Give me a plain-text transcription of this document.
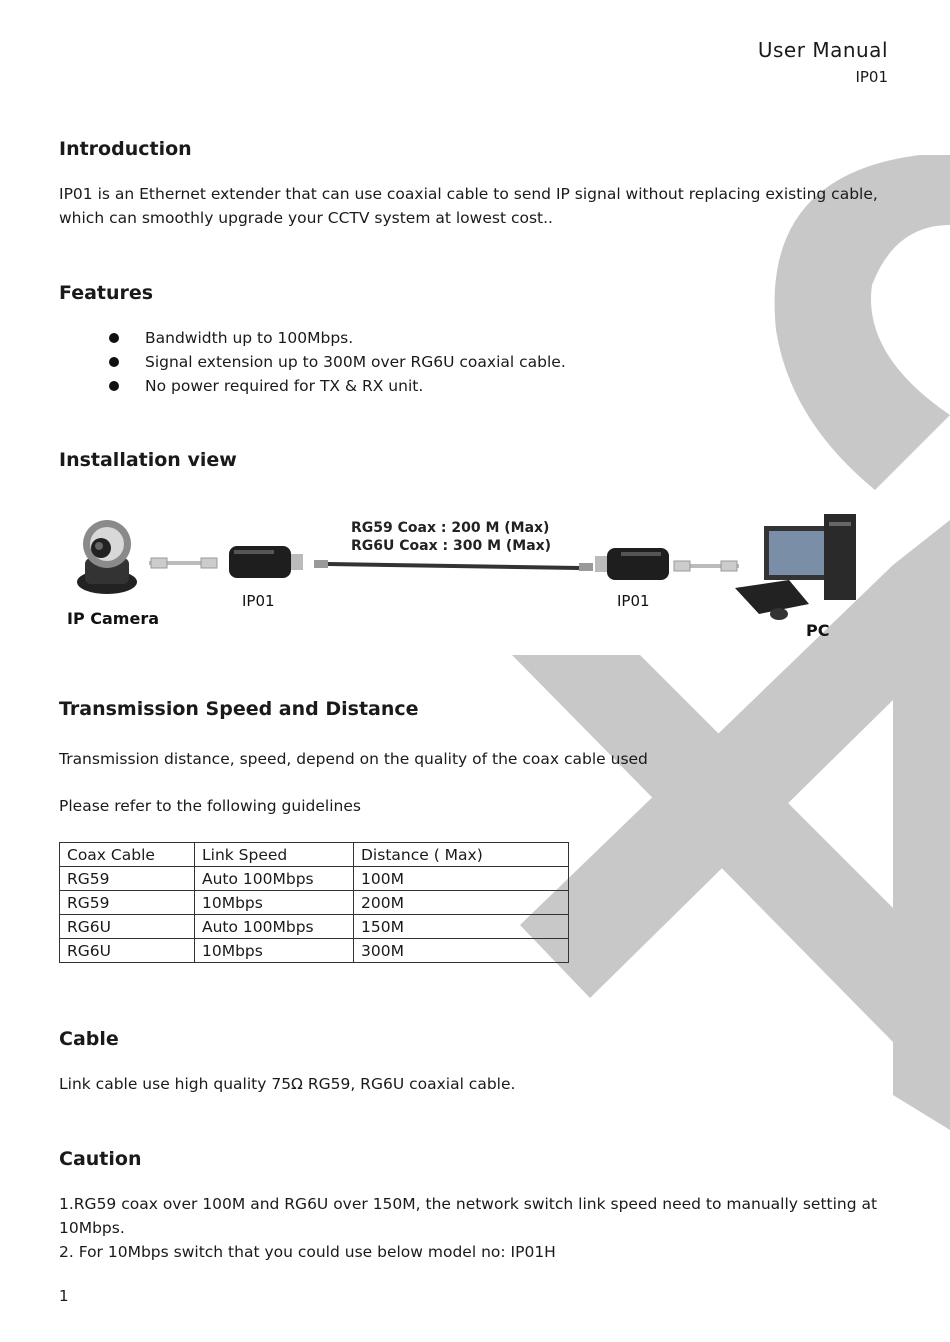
User Manual
IP01
Introduction

IP01 is an Ethernet extender that can use coaxial cable to send IP signal without replacing existing cable, which can smoothly upgrade your CCTV system at lowest cost..

Features
Bandwidth up to 100Mbps.
Signal extension up to 300M over RG6U coaxial cable.
No power required for TX & RX unit.
Installation view
IP Camera
IP01
RG59 Coax : 200 M (Max)
RG6U Coax : 300 M (Max)
IP01
PC
Transmission Speed and Distance

Transmission distance, speed, depend on the quality of the coax cable used

Please refer to the following guidelines

Coax Cable	Link Speed	Distance ( Max)
RG59	Auto 100Mbps	100M
RG59	10Mbps	200M
RG6U	Auto 100Mbps	150M
RG6U	10Mbps	300M
Cable

Link cable use high quality 75Ω RG59, RG6U coaxial cable.

Caution

1.RG59 coax over 100M and RG6U over 150M, the network switch link speed need to manually setting at 10Mbps.

2. For 10Mbps switch that you could use below model no: IP01H

1
